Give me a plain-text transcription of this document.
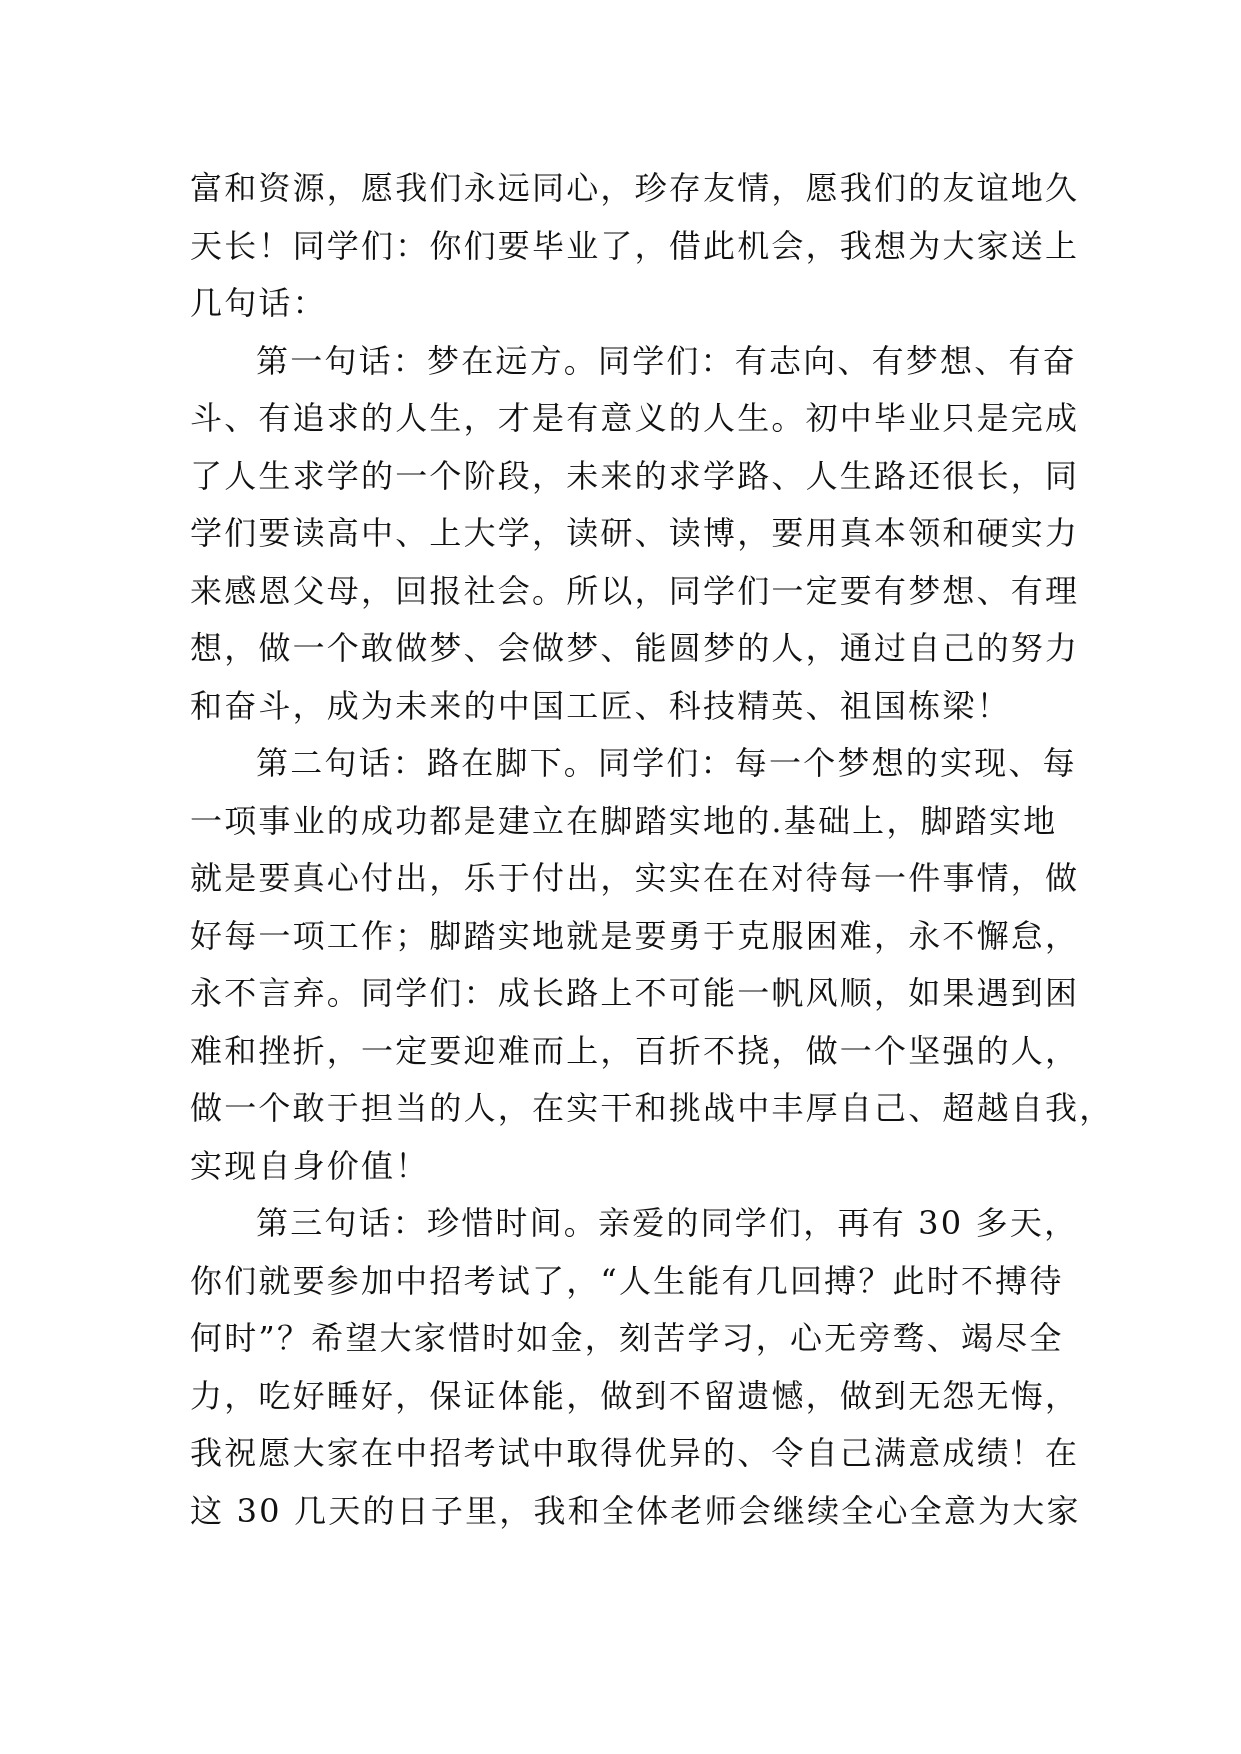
富和资源，愿我们永远同心，珍存友情，愿我们的友谊地久
天长！同学们：你们要毕业了，借此机会，我想为大家送上
几句话：
第一句话：梦在远方。同学们：有志向、有梦想、有奋
斗、有追求的人生，才是有意义的人生。初中毕业只是完成
了人生求学的一个阶段，未来的求学路、人生路还很长，同
学们要读高中、上大学，读研、读博，要用真本领和硬实力
来感恩父母，回报社会。所以，同学们一定要有梦想、有理
想，做一个敢做梦、会做梦、能圆梦的人，通过自己的努力
和奋斗，成为未来的中国工匠、科技精英、祖国栋梁！
第二句话：路在脚下。同学们：每一个梦想的实现、每
一项事业的成功都是建立在脚踏实地的.基础上，脚踏实地
就是要真心付出，乐于付出，实实在在对待每一件事情，做
好每一项工作；脚踏实地就是要勇于克服困难，永不懈怠，
永不言弃。同学们：成长路上不可能一帆风顺，如果遇到困
难和挫折，一定要迎难而上，百折不挠，做一个坚强的人，
做一个敢于担当的人，在实干和挑战中丰厚自己、超越自我，
实现自身价值！
第三句话：珍惜时间。亲爱的同学们，再有 30 多天，
你们就要参加中招考试了，“人生能有几回搏？此时不搏待
何时”？希望大家惜时如金，刻苦学习，心无旁骛、竭尽全
力，吃好睡好，保证体能，做到不留遗憾，做到无怨无悔，
我祝愿大家在中招考试中取得优异的、令自己满意成绩！在
这 30 几天的日子里，我和全体老师会继续全心全意为大家
